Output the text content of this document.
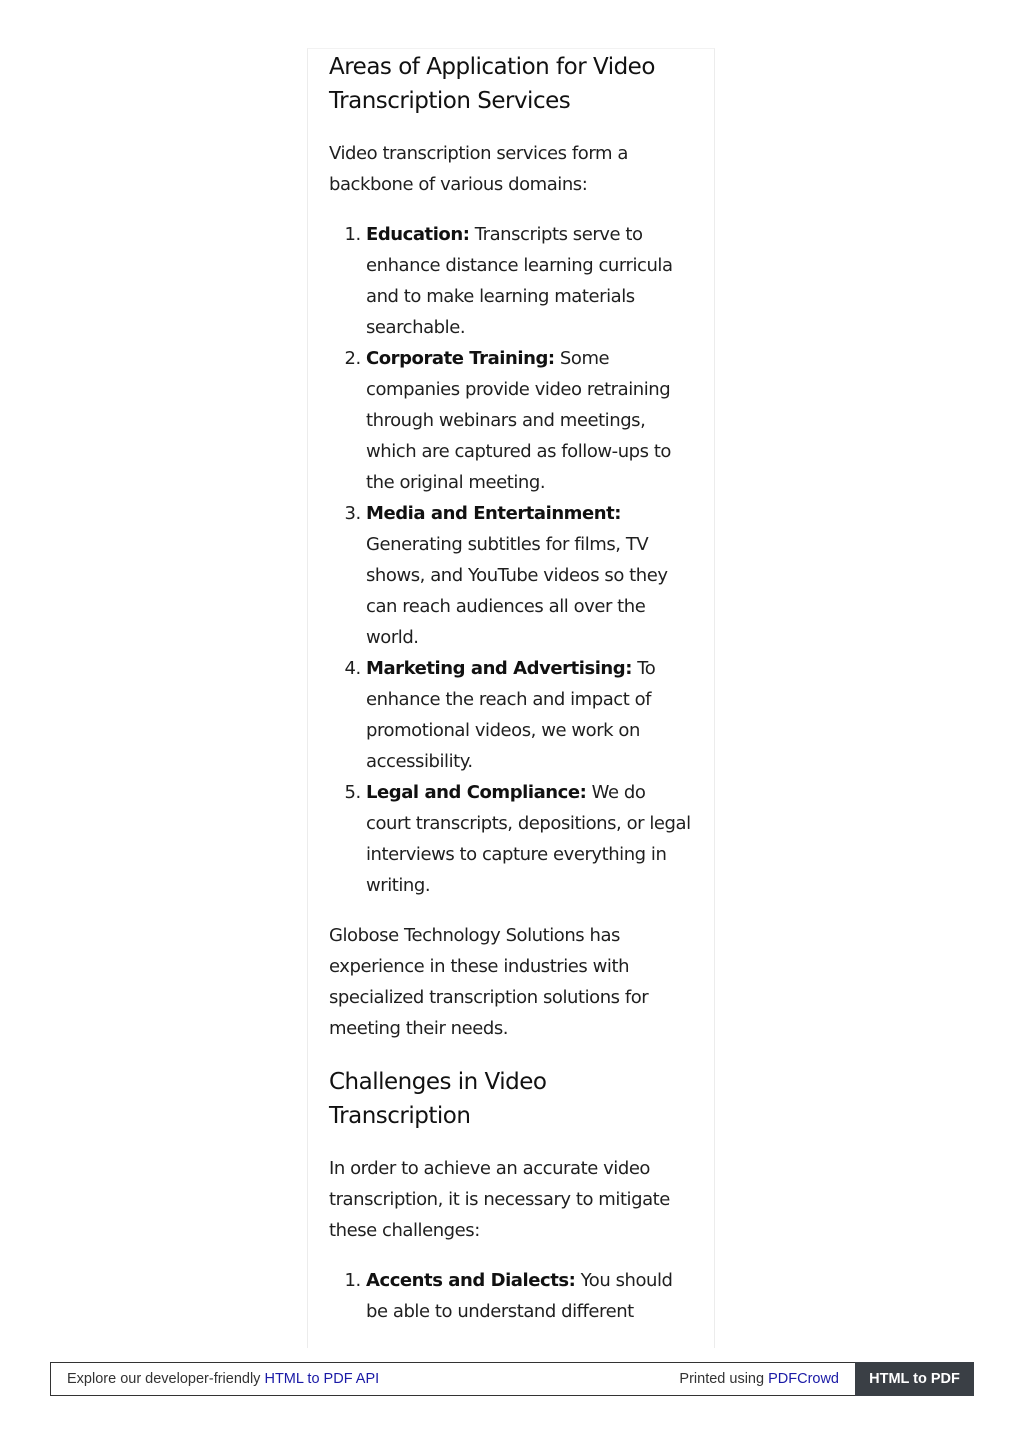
Areas of Application for Video Transcription Services

Video transcription services form a backbone of various domains:

1. Education: Transcripts serve to enhance distance learning curricula and to make learning materials searchable.
2. Corporate Training: Some companies provide video retraining through webinars and meetings, which are captured as follow-ups to the original meeting.
3. Media and Entertainment: Generating subtitles for films, TV shows, and YouTube videos so they can reach audiences all over the world.
4. Marketing and Advertising: To enhance the reach and impact of promotional videos, we work on accessibility.
5. Legal and Compliance: We do court transcripts, depositions, or legal interviews to capture everything in writing.

Globose Technology Solutions has experience in these industries with specialized transcription solutions for meeting their needs.

Challenges in Video Transcription

In order to achieve an accurate video transcription, it is necessary to mitigate these challenges:

1. Accents and Dialects: You should be able to understand different
Explore our developer-friendly HTML to PDF API	Printed using PDFCrowd	HTML to PDF
